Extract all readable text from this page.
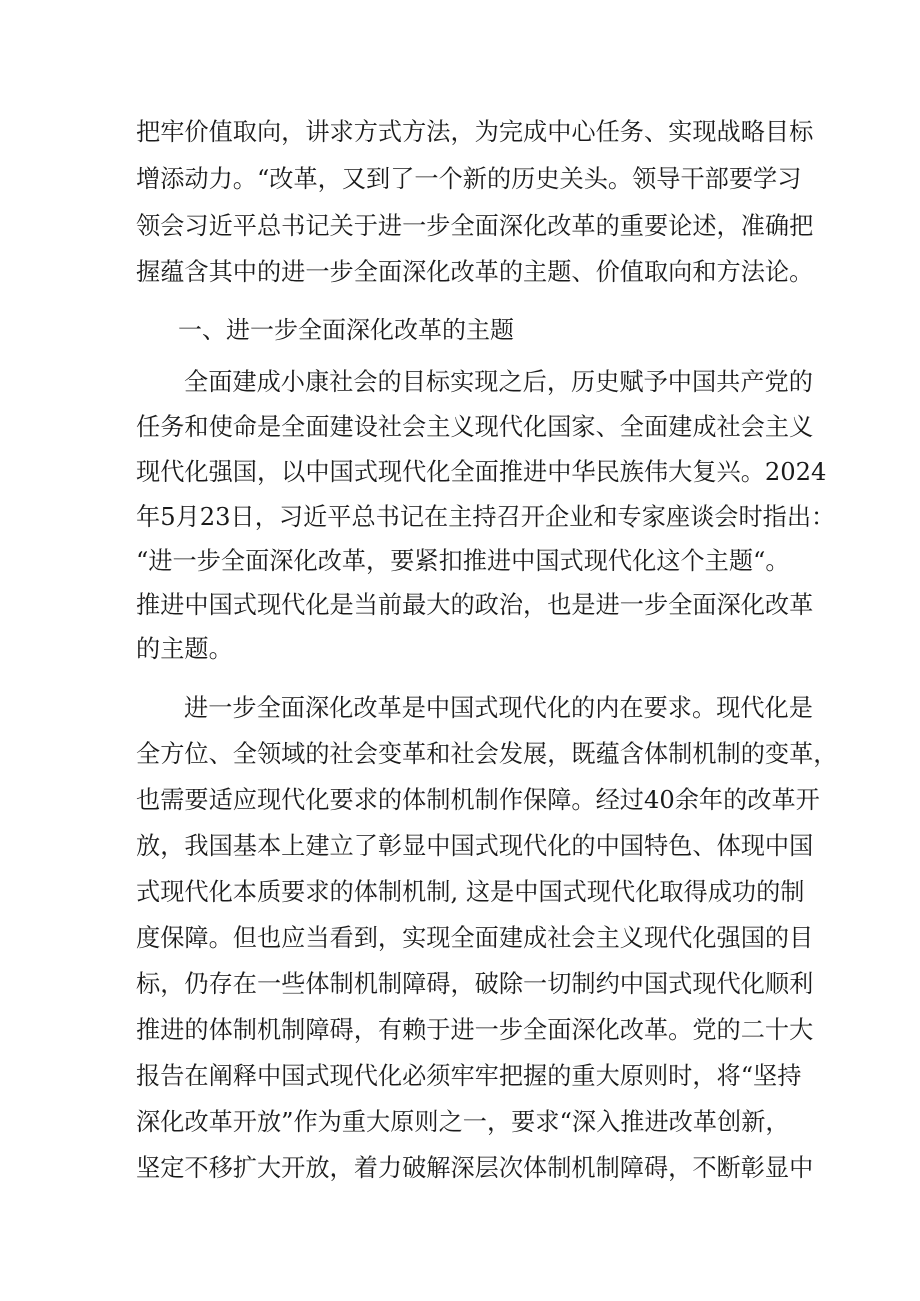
把牢价值取向，讲求方式方法，为完成中心任务、实现战略目标
增添动力。“改革，又到了一个新的历史关头。领导干部要学习
领会习近平总书记关于进一步全面深化改革的重要论述，准确把
握蕴含其中的进一步全面深化改革的主题、价值取向和方法论。
一、进一步全面深化改革的主题
全面建成小康社会的目标实现之后，历史赋予中国共产党的
任务和使命是全面建设社会主义现代化国家、全面建成社会主义
现代化强国，以中国式现代化全面推进中华民族伟大复兴。2024
年5月23日，习近平总书记在主持召开企业和专家座谈会时指出：
“进一步全面深化改革，要紧扣推进中国式现代化这个主题“。
推进中国式现代化是当前最大的政治，也是进一步全面深化改革
的主题。
进一步全面深化改革是中国式现代化的内在要求。现代化是
全方位、全领域的社会变革和社会发展，既蕴含体制机制的变革，
也需要适应现代化要求的体制机制作保障。经过40余年的改革开
放，我国基本上建立了彰显中国式现代化的中国特色、体现中国
式现代化本质要求的体制机制, 这是中国式现代化取得成功的制
度保障。但也应当看到，实现全面建成社会主义现代化强国的目
标，仍存在一些体制机制障碍，破除一切制约中国式现代化顺利
推进的体制机制障碍，有赖于进一步全面深化改革。党的二十大
报告在阐释中国式现代化必须牢牢把握的重大原则时，将“坚持
深化改革开放”作为重大原则之一，要求“深入推进改革创新，
坚定不移扩大开放，着力破解深层次体制机制障碍，不断彰显中
